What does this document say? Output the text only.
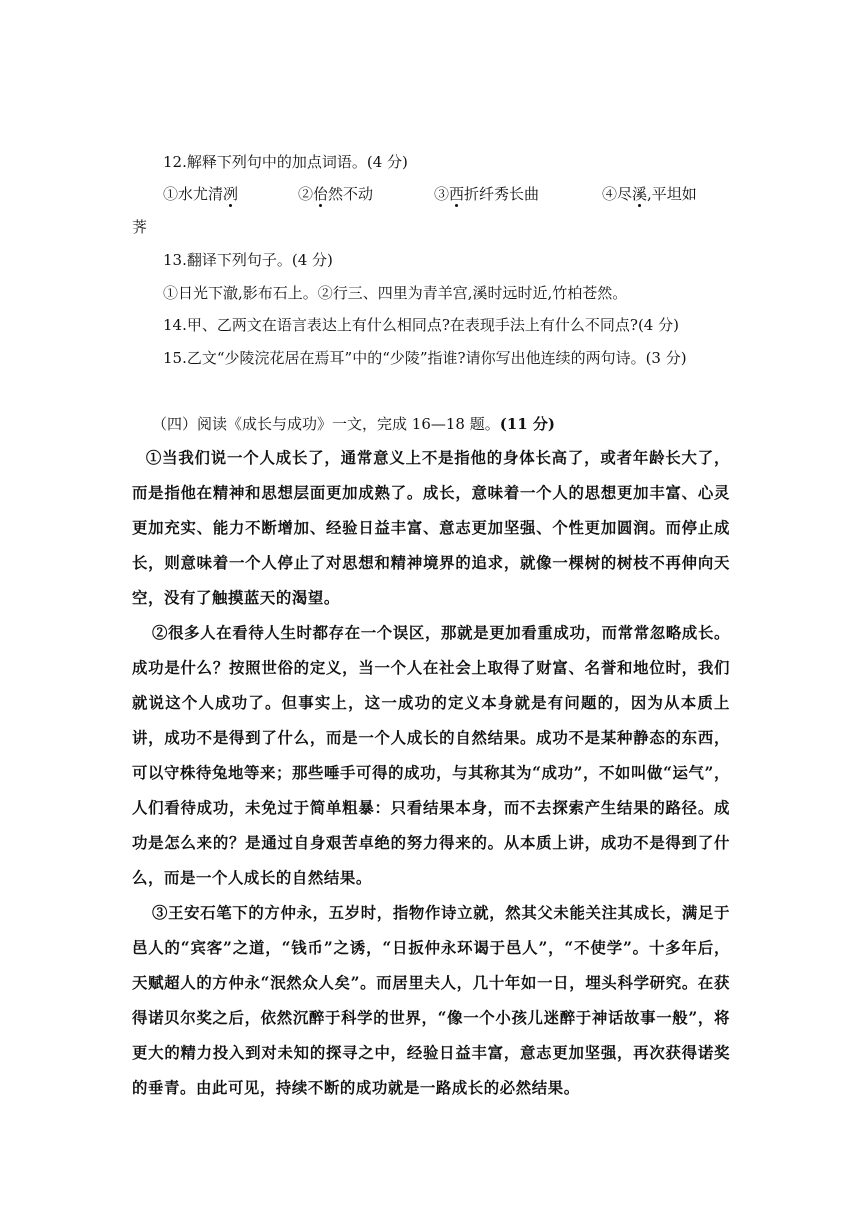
12.解释下列句中的加点词语。(4 分)
①水尤清冽	②佁然不动	③西折纤秀长曲	④尽溪,平坦如
荠
13.翻译下列句子。(4 分)
①日光下澈,影布石上。②行三、四里为青羊宫,溪时远时近,竹柏苍然。
14.甲、乙两文在语言表达上有什么相同点?在表现手法上有什么不同点?(4 分)
15.乙文“少陵浣花居在焉耳”中的“少陵”指谁?请你写出他连续的两句诗。(3 分)
（四）阅读《成长与成功》一文，完成 16—18 题。(11 分)

①当我们说一个人成长了，通常意义上不是指他的身体长高了，或者年龄长大了，而是指他在精神和思想层面更加成熟了。成长，意味着一个人的思想更加丰富、心灵更加充实、能力不断增加、经验日益丰富、意志更加坚强、个性更加圆润。而停止成长，则意味着一个人停止了对思想和精神境界的追求，就像一棵树的树枝不再伸向天空，没有了触摸蓝天的渴望。

②很多人在看待人生时都存在一个误区，那就是更加看重成功，而常常忽略成长。成功是什么？按照世俗的定义，当一个人在社会上取得了财富、名誉和地位时，我们就说这个人成功了。但事实上，这一成功的定义本身就是有问题的，因为从本质上讲，成功不是得到了什么，而是一个人成长的自然结果。成功不是某种静态的东西，可以守株待兔地等来；那些唾手可得的成功，与其称其为“成功”，不如叫做“运气”，人们看待成功，未免过于简单粗暴：只看结果本身，而不去探索产生结果的路径。成功是怎么来的？是通过自身艰苦卓绝的努力得来的。从本质上讲，成功不是得到了什么，而是一个人成长的自然结果。

③王安石笔下的方仲永，五岁时，指物作诗立就，然其父未能关注其成长，满足于邑人的“宾客”之道，“钱币”之诱，“日扳仲永环谒于邑人”，“不使学”。十多年后，天赋超人的方仲永“泯然众人矣”。而居里夫人，几十年如一日，埋头科学研究。在获得诺贝尔奖之后，依然沉醉于科学的世界，“像一个小孩儿迷醉于神话故事一般”，将更大的精力投入到对未知的探寻之中，经验日益丰富，意志更加坚强，再次获得诺奖的垂青。由此可见，持续不断的成功就是一路成长的必然结果。
